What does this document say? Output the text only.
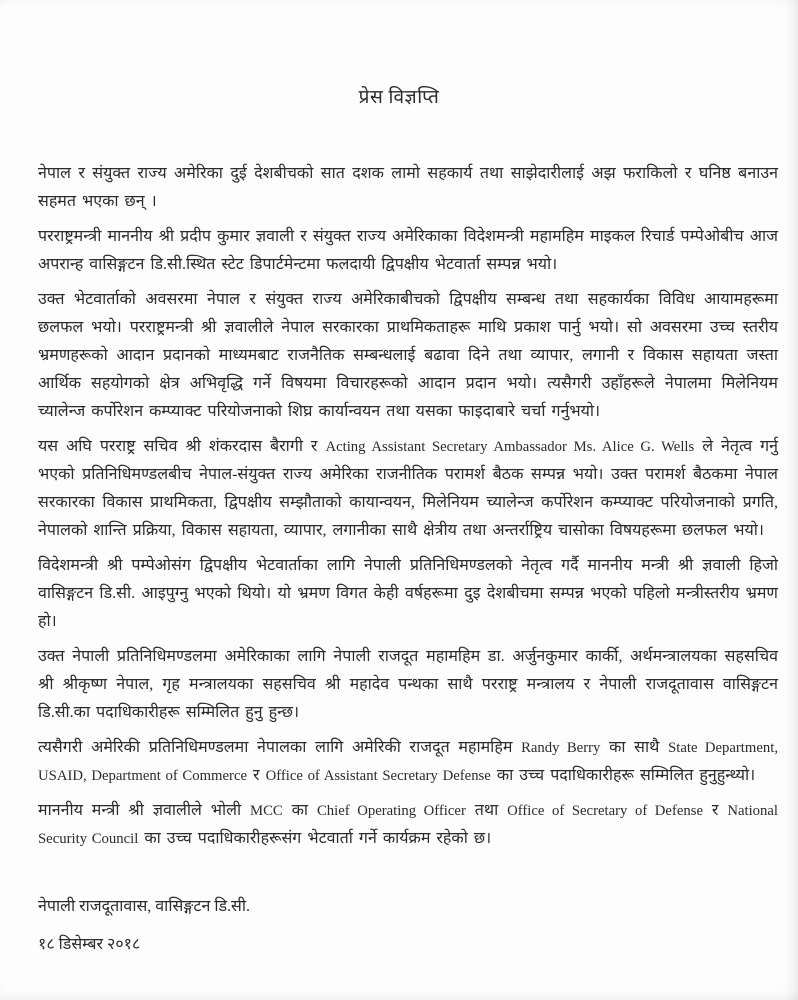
प्रेस विज्ञप्ति

नेपाल र संयुक्त राज्य अमेरिका दुई देशबीचको सात दशक लामो सहकार्य तथा साझेदारीलाई अझ फराकिलो र घनिष्ठ बनाउन सहमत भएका छन् ।

परराष्ट्रमन्त्री माननीय श्री प्रदीप कुमार ज्ञवाली र संयुक्त राज्य अमेरिकाका विदेशमन्त्री महामहिम माइकल रिचार्ड पम्पेओबीच आज अपरान्ह वासिङ्गटन डि.सी.स्थित स्टेट डिपार्टमेन्टमा फलदायी द्विपक्षीय भेटवार्ता सम्पन्न भयो।

उक्त भेटवार्ताको अवसरमा नेपाल र संयुक्त राज्य अमेरिकाबीचको द्विपक्षीय सम्बन्ध तथा सहकार्यका विविध आयामहरूमा छलफल भयो। परराष्ट्रमन्त्री श्री ज्ञवालीले नेपाल सरकारका प्राथमिकताहरू माथि प्रकाश पार्नु भयो। सो अवसरमा उच्च स्तरीय भ्रमणहरूको आदान प्रदानको माध्यमबाट राजनैतिक सम्बन्धलाई बढावा दिने तथा व्यापार, लगानी र विकास सहायता जस्ता आर्थिक सहयोगको क्षेत्र अभिवृद्धि गर्ने विषयमा विचारहरूको आदान प्रदान भयो। त्यसैगरी उहाँहरूले नेपालमा मिलेनियम च्यालेन्ज कर्पोरेशन कम्प्याक्ट परियोजनाको शिघ्र कार्यान्वयन तथा यसका फाइदाबारे चर्चा गर्नुभयो।

यस अघि परराष्ट्र सचिव श्री शंकरदास बैरागी र Acting Assistant Secretary Ambassador Ms. Alice G. Wells ले नेतृत्व गर्नु भएको प्रतिनिधिमण्डलबीच नेपाल-संयुक्त राज्य अमेरिका राजनीतिक परामर्श बैठक सम्पन्न भयो। उक्त परामर्श बैठकमा नेपाल सरकारका विकास प्राथमिकता, द्विपक्षीय सम्झौताको कायान्वयन, मिलेनियम च्यालेन्ज कर्पोरेशन कम्प्याक्ट परियोजनाको प्रगति, नेपालको शान्ति प्रक्रिया, विकास सहायता, व्यापार, लगानीका साथै क्षेत्रीय तथा अन्तर्राष्ट्रिय चासोका विषयहरूमा छलफल भयो।

विदेशमन्त्री श्री पम्पेओसंग द्विपक्षीय भेटवार्ताका लागि नेपाली प्रतिनिधिमण्डलको नेतृत्व गर्दै माननीय मन्त्री श्री ज्ञवाली हिजो वासिङ्गटन डि.सी. आइपुग्नु भएको थियो। यो भ्रमण विगत केही वर्षहरूमा दुइ देशबीचमा सम्पन्न भएको पहिलो मन्त्रीस्तरीय भ्रमण हो।

उक्त नेपाली प्रतिनिधिमण्डलमा अमेरिकाका लागि नेपाली राजदूत महामहिम डा. अर्जुनकुमार कार्की, अर्थमन्त्रालयका सहसचिव श्री श्रीकृष्ण नेपाल, गृह मन्त्रालयका सहसचिव श्री महादेव पन्थका साथै परराष्ट्र मन्त्रालय र नेपाली राजदूतावास वासिङ्गटन डि.सी.का पदाधिकारीहरू सम्मिलित हुनु हुन्छ।

त्यसैगरी अमेरिकी प्रतिनिधिमण्डलमा नेपालका लागि अमेरिकी राजदूत महामहिम Randy Berry का साथै State Department, USAID, Department of Commerce र Office of Assistant Secretary Defense का उच्च पदाधिकारीहरू सम्मिलित हुनुहुन्थ्यो।

माननीय मन्त्री श्री ज्ञवालीले भोली MCC का Chief Operating Officer तथा Office of Secretary of Defense र National Security Council का उच्च पदाधिकारीहरूसंग भेटवार्ता गर्ने कार्यक्रम रहेको छ।

नेपाली राजदूतावास, वासिङ्गटन डि.सी.

१८ डिसेम्बर २०१८
